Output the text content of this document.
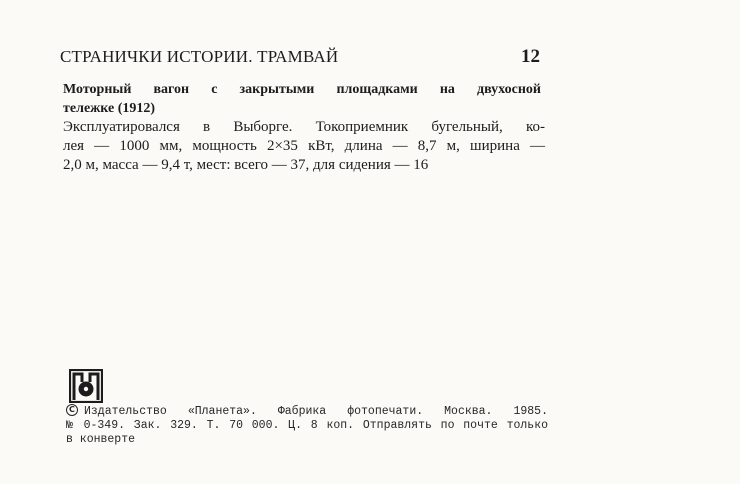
СТРАНИЧКИ ИСТОРИИ. ТРАМВАЙ	12
Моторный вагон с закрытыми площадками на двухосной
тележке (1912)
Эксплуатировался в Выборге. Токоприемник бугельный, ко-
лея — 1000 мм, мощность 2×35 кВт, длина — 8,7 м, ширина —
2,0 м, масса — 9,4 т, мест: всего — 37, для сидения — 16
CИздательство «Планета». Фабрика фотопечати. Москва. 1985.
№ 0-349. Зак. 329. Т. 70 000. Ц. 8 коп. Отправлять по почте только
в конверте
